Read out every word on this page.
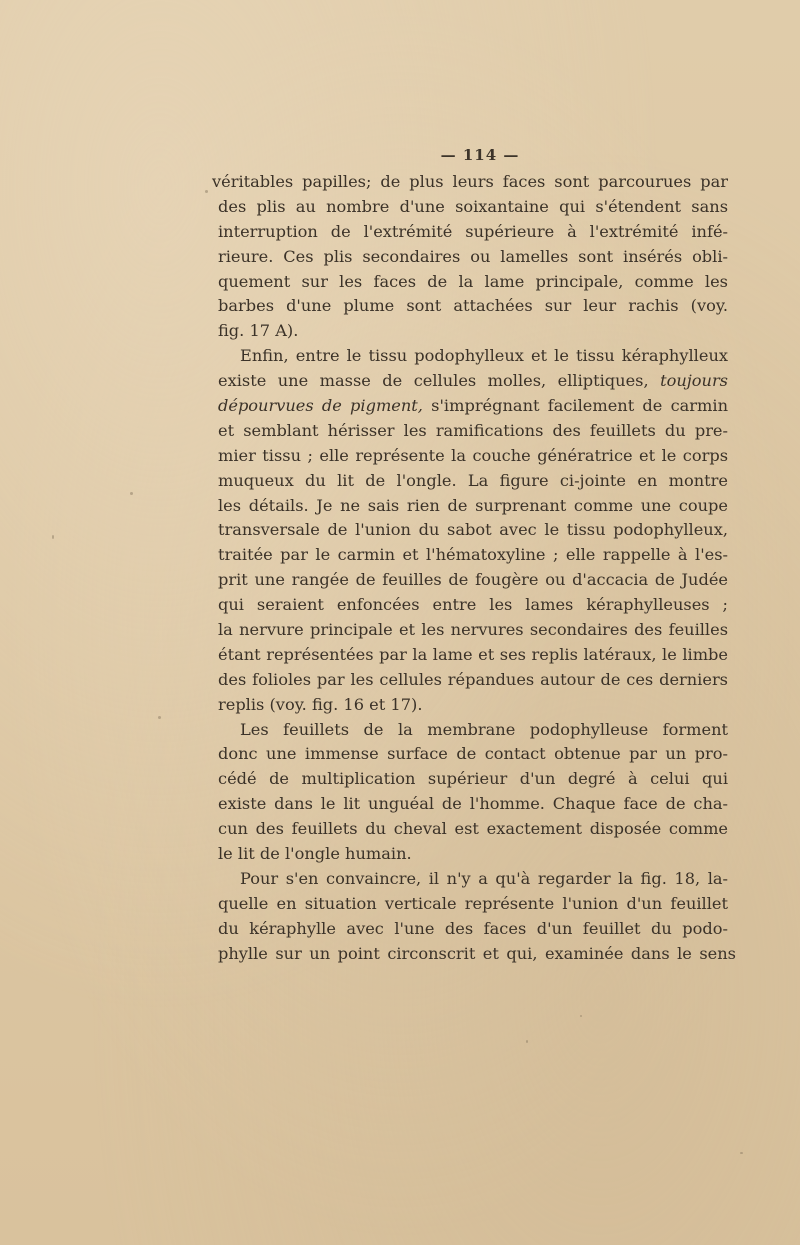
— 114 —
véritables papilles; de plus leurs faces sont parcourues par
des plis au nombre d'une soixantaine qui s'étendent sans
interruption de l'extrémité supérieure à l'extrémité infé-
rieure. Ces plis secondaires ou lamelles sont insérés obli-
quement sur les faces de la lame principale, comme les
barbes d'une plume sont attachées sur leur rachis (voy.
fig. 17 A).
Enfin, entre le tissu podophylleux et le tissu kéraphylleux
existe une masse de cellules molles, elliptiques, toujours
dépourvues de pigment, s'imprégnant facilement de carmin
et semblant hérisser les ramifications des feuillets du pre-
mier tissu ; elle représente la couche génératrice et le corps
muqueux du lit de l'ongle. La figure ci-jointe en montre
les détails. Je ne sais rien de surprenant comme une coupe
transversale de l'union du sabot avec le tissu podophylleux,
traitée par le carmin et l'hématoxyline ; elle rappelle à l'es-
prit une rangée de feuilles de fougère ou d'accacia de Judée
qui seraient enfoncées entre les lames kéraphylleuses ;
la nervure principale et les nervures secondaires des feuilles
étant représentées par la lame et ses replis latéraux, le limbe
des folioles par les cellules répandues autour de ces derniers
replis (voy. fig. 16 et 17).
Les feuillets de la membrane podophylleuse forment
donc une immense surface de contact obtenue par un pro-
cédé de multiplication supérieur d'un degré à celui qui
existe dans le lit unguéal de l'homme. Chaque face de cha-
cun des feuillets du cheval est exactement disposée comme
le lit de l'ongle humain.
Pour s'en convaincre, il n'y a qu'à regarder la fig. 18, la-
quelle en situation verticale représente l'union d'un feuillet
du kéraphylle avec l'une des faces d'un feuillet du podo-
phylle sur un point circonscrit et qui, examinée dans le sens
